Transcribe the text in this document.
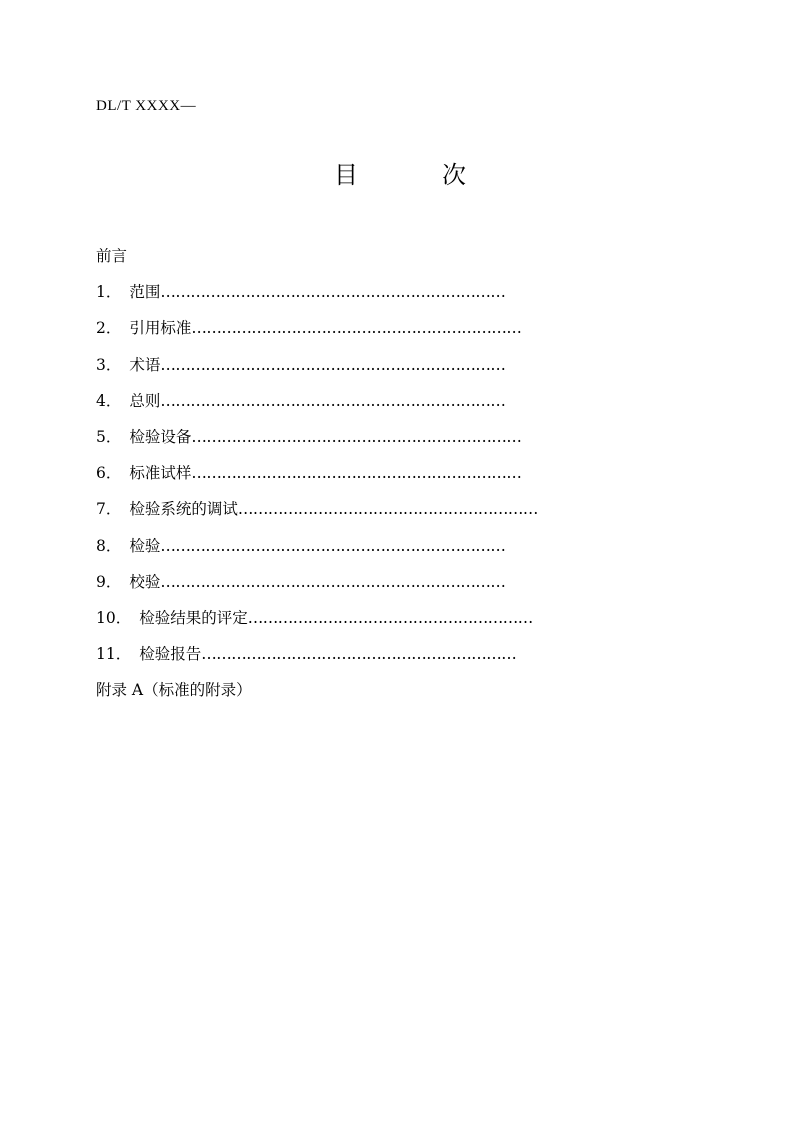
DL/T XXXX—
目　次
前言
1． 范围……………………………………………………………
2． 引用标准…………………………………………………………
3． 术语……………………………………………………………
4． 总则……………………………………………………………
5． 检验设备…………………………………………………………
6． 标准试样…………………………………………………………
7． 检验系统的调试……………………………………………………
8． 检验……………………………………………………………
9． 校验……………………………………………………………
10． 检验结果的评定…………………………………………………
11． 检验报告………………………………………………………
附录 A（标准的附录）
